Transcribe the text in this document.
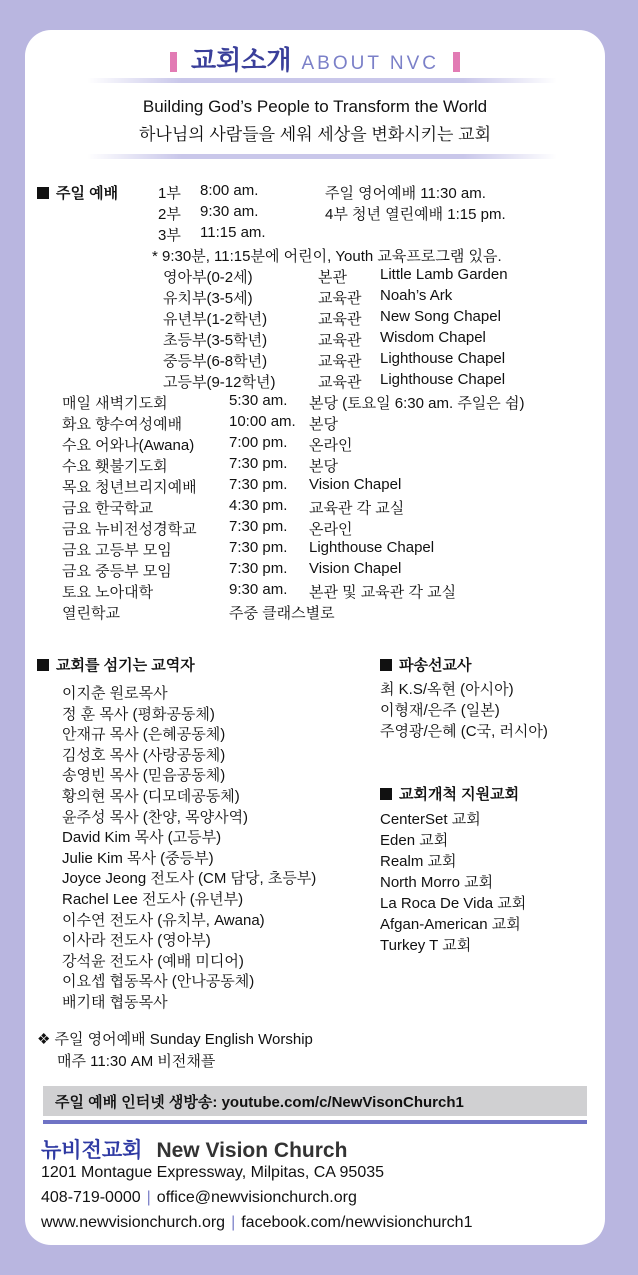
교회소개 ABOUT NVC
Building God’s People to Transform the World
하나님의 사람들을 세워 세상을 변화시키는 교회
주일 예배	1부 8:00 am.	주일 영어예배 11:30 am.
2부 9:30 am.	4부 청년 열린예배 1:15 pm.
3부 11:15 am.
* 9:30분, 11:15분에 어린이, Youth 교육프로그램 있음.
영아부(0-2세)	본관 Little Lamb Garden
유치부(3-5세)	교육관 Noah’s Ark
유년부(1-2학년)	교육관 New Song Chapel
초등부(3-5학년)	교육관 Wisdom Chapel
중등부(6-8학년)	교육관 Lighthouse Chapel
고등부(9-12학년)	교육관 Lighthouse Chapel
매일 새벽기도회	5:30 am. 본당 (토요일 6:30 am. 주일은 쉼)
화요 향수여성예배	10:00 am. 본당
수요 어와나(Awana) 7:00 pm. 온라인
수요 횃불기도회	7:30 pm. 본당
목요 청년브리지예배 7:30 pm. Vision Chapel
금요 한국학교	4:30 pm. 교육관 각 교실
금요 뉴비전성경학교 7:30 pm. 온라인
금요 고등부 모임	7:30 pm. Lighthouse Chapel
금요 중등부 모임	7:30 pm. Vision Chapel
토요 노아대학	9:30 am. 본관 및 교육관 각 교실
열린학교	주중 클래스별로
교회를 섬기는 교역자
이지춘 원로목사
정 훈 목사 (평화공동체)
안재규 목사 (은혜공동체)
김성호 목사 (사랑공동체)
송영빈 목사 (믿음공동체)
황의현 목사 (디모데공동체)
윤주성 목사 (찬양, 목양사역)
David Kim 목사 (고등부)
Julie Kim 목사 (중등부)
Joyce Jeong 전도사 (CM 담당, 초등부)
Rachel Lee 전도사 (유년부)
이수연 전도사 (유치부, Awana)
이사라 전도사 (영아부)
강석윤 전도사 (예배 미디어)
이요셉 협동목사 (안나공동체)
배기태 협동목사
파송선교사
최 K.S/옥현 (아시아)
이형재/은주 (일본)
주영광/은혜 (C국, 러시아)
교회개척 지원교회
CenterSet 교회
Eden 교회
Realm 교회
North Morro 교회
La Roca De Vida 교회
Afgan-American 교회
Turkey T 교회
❖ 주일 영어예배 Sunday English Worship
매주 11:30 AM 비전채플
주일 예배 인터넷 생방송: youtube.com/c/NewVisonChurch1
뉴비전교회 New Vision Church
1201 Montague Expressway, Milpitas, CA 95035
408-719-0000 | office@newvisionchurch.org
www.newvisionchurch.org | facebook.com/newvisionchurch1
